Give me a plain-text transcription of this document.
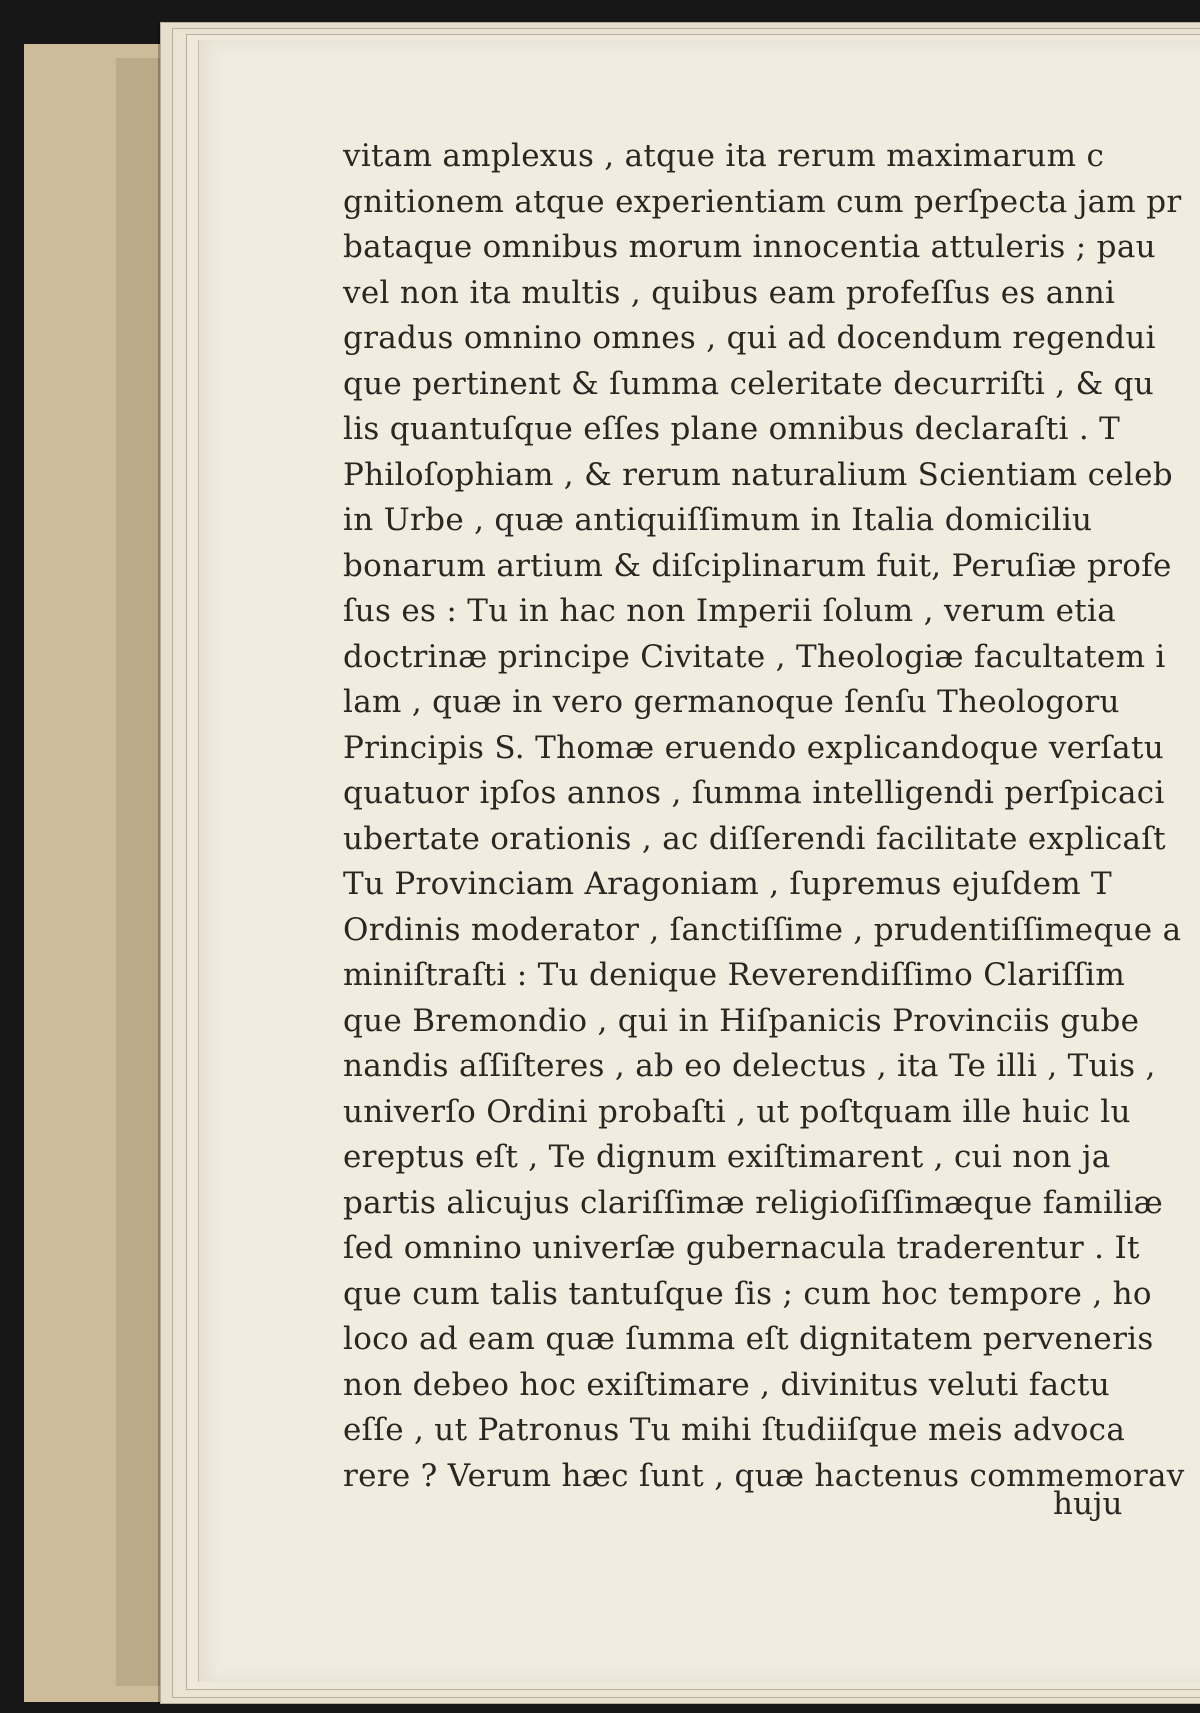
vitam amplexus , atque ita rerum maximarum c
gnitionem atque experientiam cum perſpecta jam pr
bataque omnibus morum innocentia attuleris ; pau
vel non ita multis , quibus eam profeſſus es anni
gradus omnino omnes , qui ad docendum regendui
que pertinent & ſumma celeritate decurriſti , & qu
lis quantuſque eſſes plane omnibus declaraſti . T
Philoſophiam , & rerum naturalium Scientiam celeb
in Urbe , quæ antiquiſſimum in Italia domiciliu
bonarum artium & diſciplinarum fuit, Peruſiæ profe
ſus es : Tu in hac non Imperii ſolum , verum etia
doctrinæ principe Civitate , Theologiæ facultatem i
lam , quæ in vero germanoque ſenſu Theologoru
Principis S. Thomæ eruendo explicandoque verſatu
quatuor ipſos annos , ſumma intelligendi perſpicaci
ubertate orationis , ac diſſerendi facilitate explicaſt
Tu Provinciam Aragoniam , ſupremus ejuſdem T
Ordinis moderator , ſanctiſſime , prudentiſſimeque a
miniſtraſti : Tu denique Reverendiſſimo Clariſſim
que Bremondio , qui in Hiſpanicis Provinciis gube
nandis aſſiſteres , ab eo delectus , ita Te illi , Tuis ,
univerſo Ordini probaſti , ut poſtquam ille huic lu
ereptus eſt , Te dignum exiſtimarent , cui non ja
partis alicujus clariſſimæ religioſiſſimæque familiæ
ſed omnino univerſæ gubernacula traderentur . It
que cum talis tantuſque ſis ; cum hoc tempore , ho
loco ad eam quæ ſumma eſt dignitatem perveneris
non debeo hoc exiſtimare , divinitus veluti factu
eſſe , ut Patronus Tu mihi ſtudiiſque meis advoca
rere ? Verum hæc ſunt , quæ hactenus commemorav
huju
